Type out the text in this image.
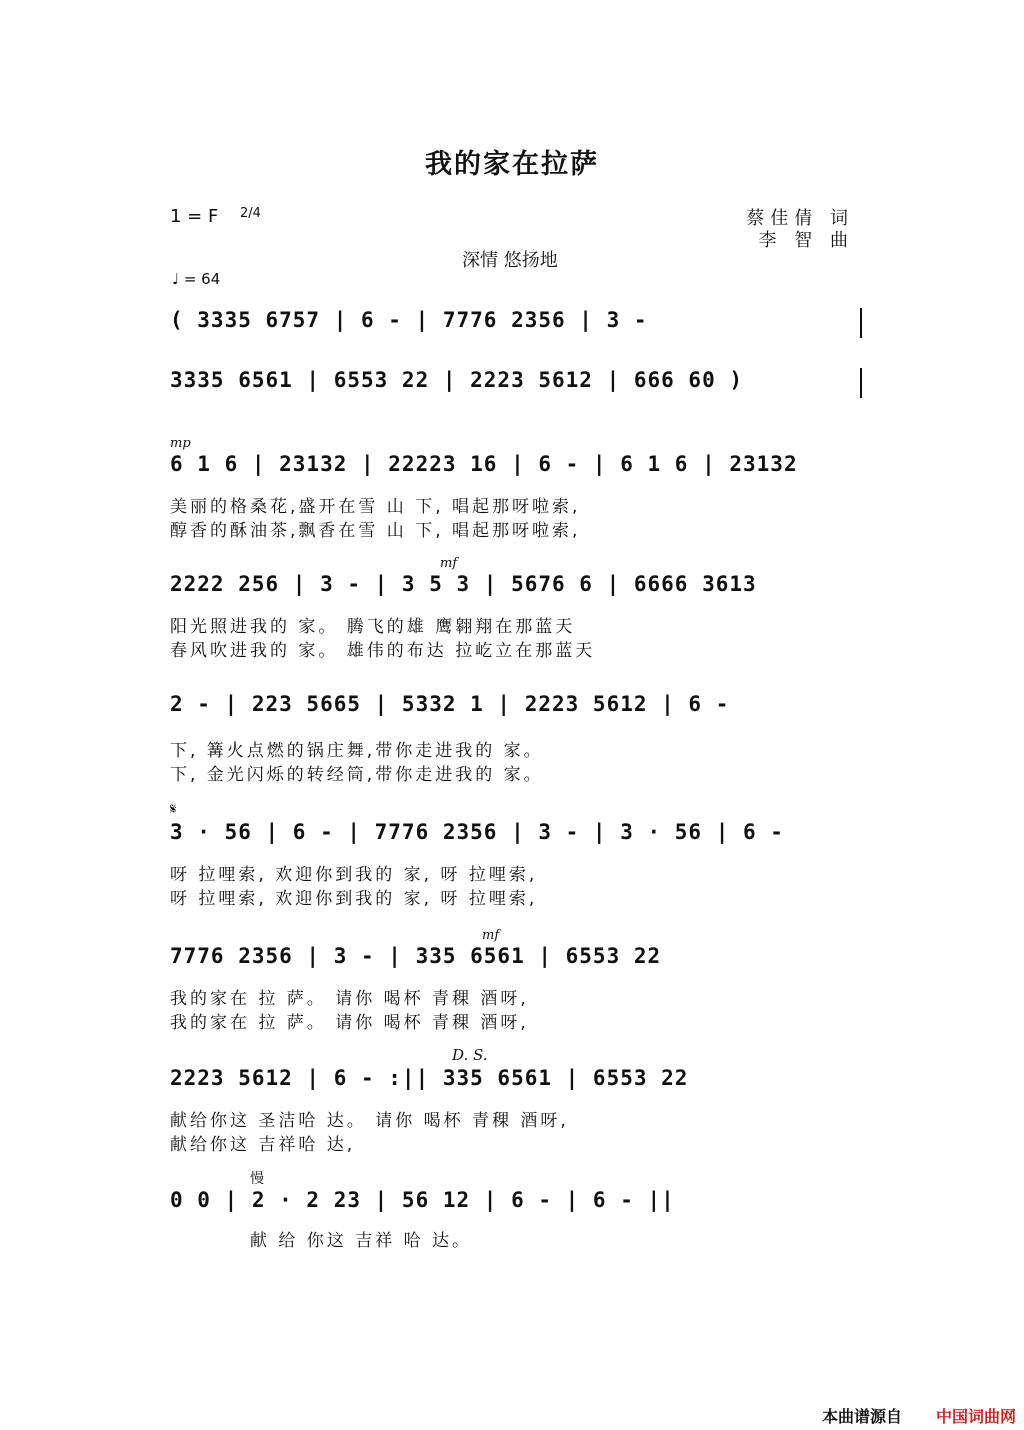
我的家在拉萨
1 = F 2/4	蔡佳倩 词
李 智 曲
深情 悠扬地
♩ = 64
( 3335 6757 | 6 - | 7776 2356 | 3 -
3335 6561 | 6553 22 | 2223 5612 | 666 60 )
mp
6 1 6 | 23132 | 22223 16 | 6 - | 6 1 6 | 23132
美丽的格桑花,盛开在雪 山 下, 唱起那呀啦索,
醇香的酥油茶,飘香在雪 山 下, 唱起那呀啦索,
mf
2222 256 | 3 - | 3 5 3 | 5676 6 | 6666 3613
阳光照进我的 家。 腾飞的雄 鹰翱翔在那蓝天
春风吹进我的 家。 雄伟的布达 拉屹立在那蓝天
2 - | 223 5665 | 5332 1 | 2223 5612 | 6 -
下, 篝火点燃的锅庄舞,带你走进我的 家。
下, 金光闪烁的转经筒,带你走进我的 家。
𝄋
3 · 56 | 6 - | 7776 2356 | 3 - | 3 · 56 | 6 -
呀 拉哩索, 欢迎你到我的 家, 呀 拉哩索,
呀 拉哩索, 欢迎你到我的 家, 呀 拉哩索,
mf
7776 2356 | 3 - | 335 6561 | 6553 22
我的家在 拉 萨。 请你 喝杯 青稞 酒呀,
我的家在 拉 萨。 请你 喝杯 青稞 酒呀,
D. S.
2223 5612 | 6 - :|| 335 6561 | 6553 22
献给你这 圣洁哈 达。 请你 喝杯 青稞 酒呀,
献给你这 吉祥哈 达,
慢
0 0 | 2 · 2 23 | 56 12 | 6 - | 6 - ||
献 给 你这 吉祥 哈 达。
本曲谱源自 中国词曲网
